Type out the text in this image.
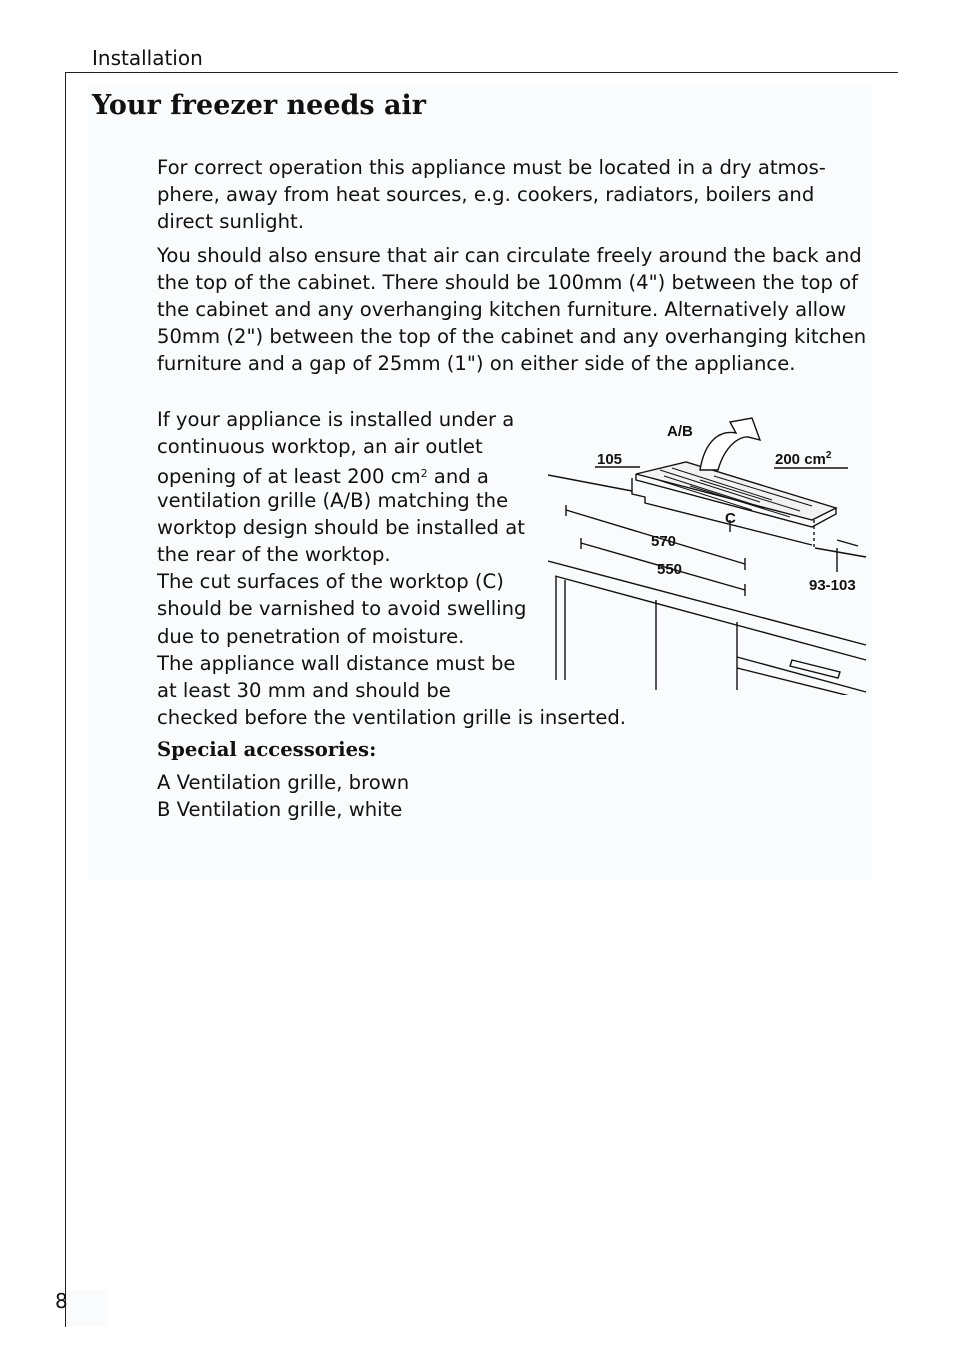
Installation
Your freezer needs air

For correct operation this appliance must be located in a dry atmos-phere, away from heat sources, e.g. cookers, radiators, boilers and direct sunlight.

You should also ensure that air can circulate freely around the back and the top of the cabinet. There should be 100mm (4") between the top of the cabinet and any overhanging kitchen furniture. Alternatively allow 50mm (2") between the top of the cabinet and any overhanging kitchen furniture and a gap of 25mm (1") on either side of the appliance.

If your appliance is installed under a

continuous worktop, an air outlet

opening of at least 200 $cm^2$ and a

ventilation grille (A/B) matching the

worktop design should be installed at

the rear of the worktop.

The cut surfaces of the worktop (C)

should be varnished to avoid swelling

due to penetration of moisture.

The appliance wall distance must be

at least 30 mm and should be

checked before the ventilation grille is inserted.

Special accessories:

A Ventilation grille, brown

B Ventilation grille, white

A/B
105	200 $cm^2$
C
570
550
93-103
8
